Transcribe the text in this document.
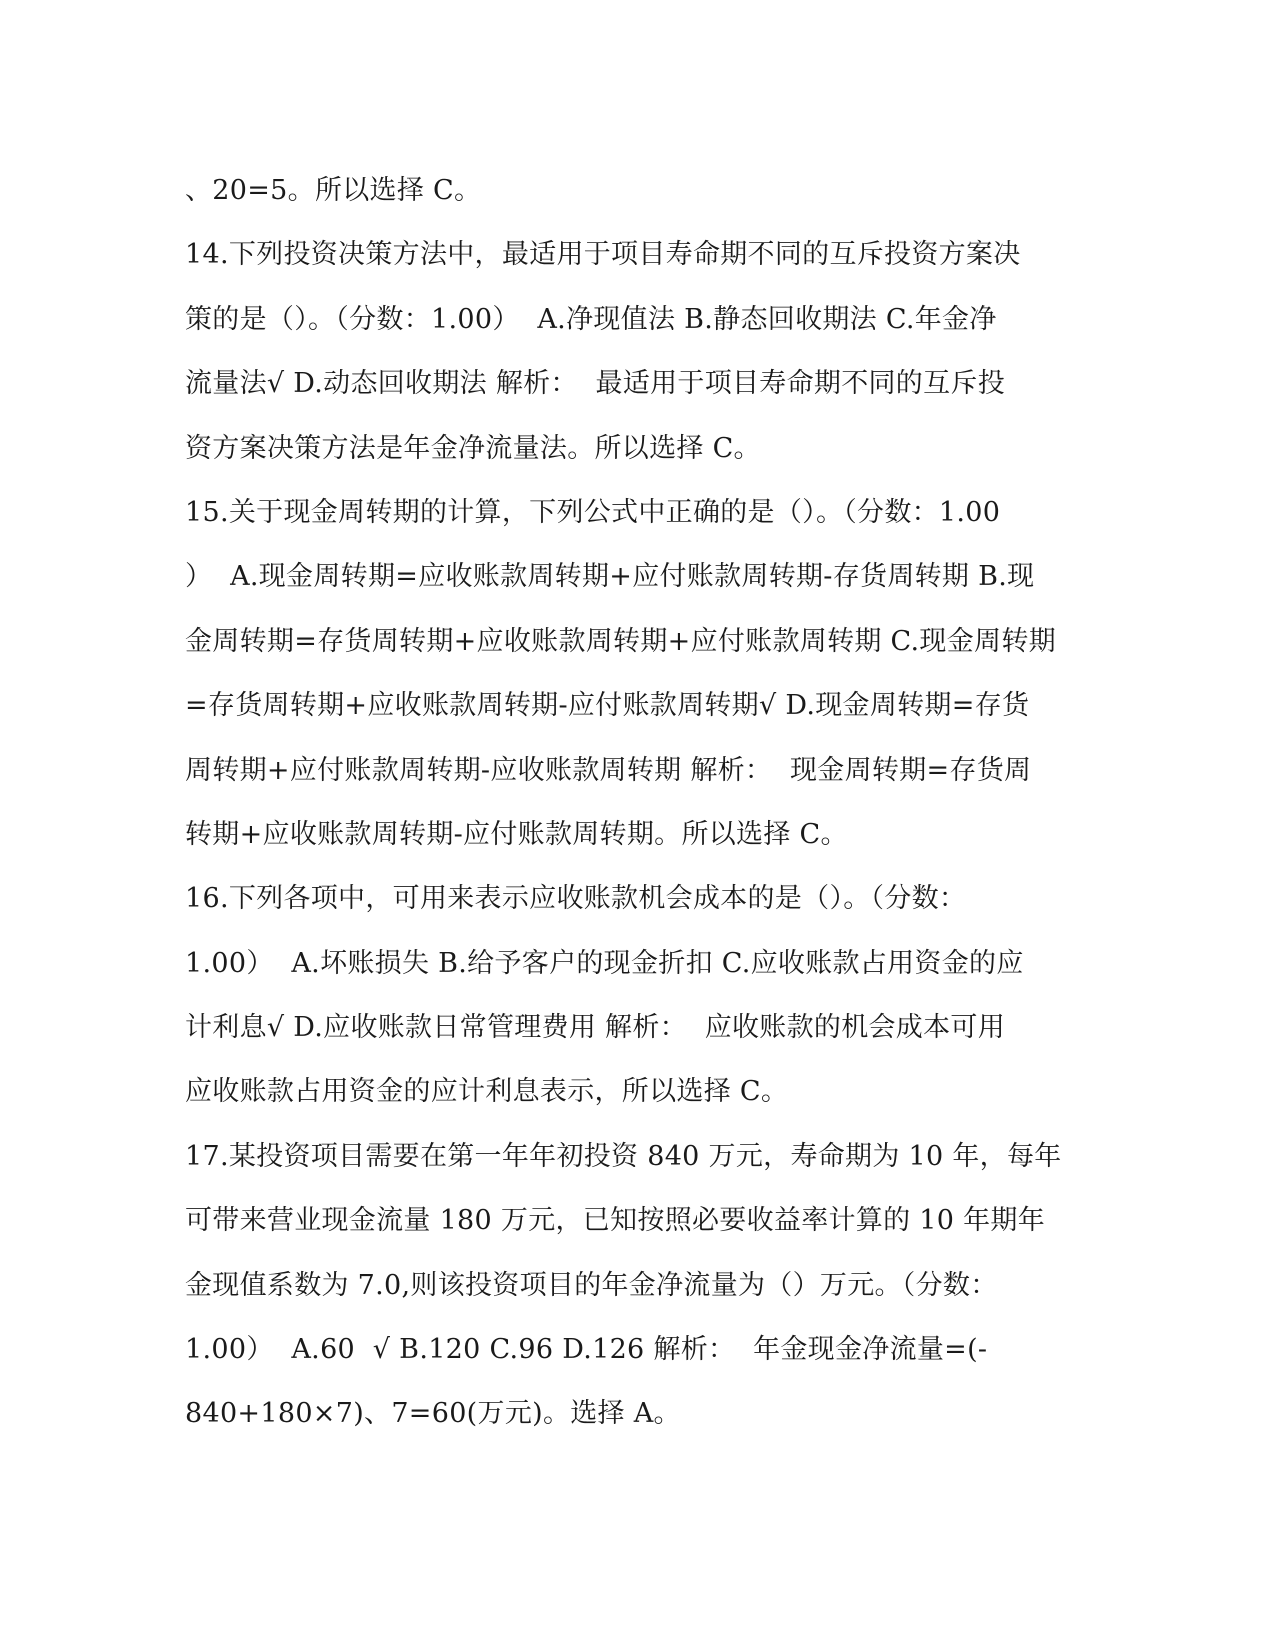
、20=5。所以选择 C。
14.下列投资决策方法中，最适用于项目寿命期不同的互斥投资方案决
策的是（）。（分数：1.00）  A.净现值法 B.静态回收期法 C.年金净
流量法√ D.动态回收期法 解析：  最适用于项目寿命期不同的互斥投
资方案决策方法是年金净流量法。所以选择 C。
15.关于现金周转期的计算，下列公式中正确的是（）。（分数：1.00
）  A.现金周转期=应收账款周转期+应付账款周转期-存货周转期 B.现
金周转期=存货周转期+应收账款周转期+应付账款周转期 C.现金周转期
=存货周转期+应收账款周转期-应付账款周转期√ D.现金周转期=存货
周转期+应付账款周转期-应收账款周转期 解析：  现金周转期=存货周
转期+应收账款周转期-应付账款周转期。所以选择 C。
16.下列各项中，可用来表示应收账款机会成本的是（）。（分数：
1.00）  A.坏账损失 B.给予客户的现金折扣 C.应收账款占用资金的应
计利息√ D.应收账款日常管理费用 解析：  应收账款的机会成本可用
应收账款占用资金的应计利息表示，所以选择 C。
17.某投资项目需要在第一年年初投资 840 万元，寿命期为 10 年，每年
可带来营业现金流量 180 万元，已知按照必要收益率计算的 10 年期年
金现值系数为 7.0,则该投资项目的年金净流量为（）万元。（分数：
1.00）  A.60  √ B.120 C.96 D.126 解析：  年金现金净流量=(-
840+180×7)、7=60(万元)。选择 A。
